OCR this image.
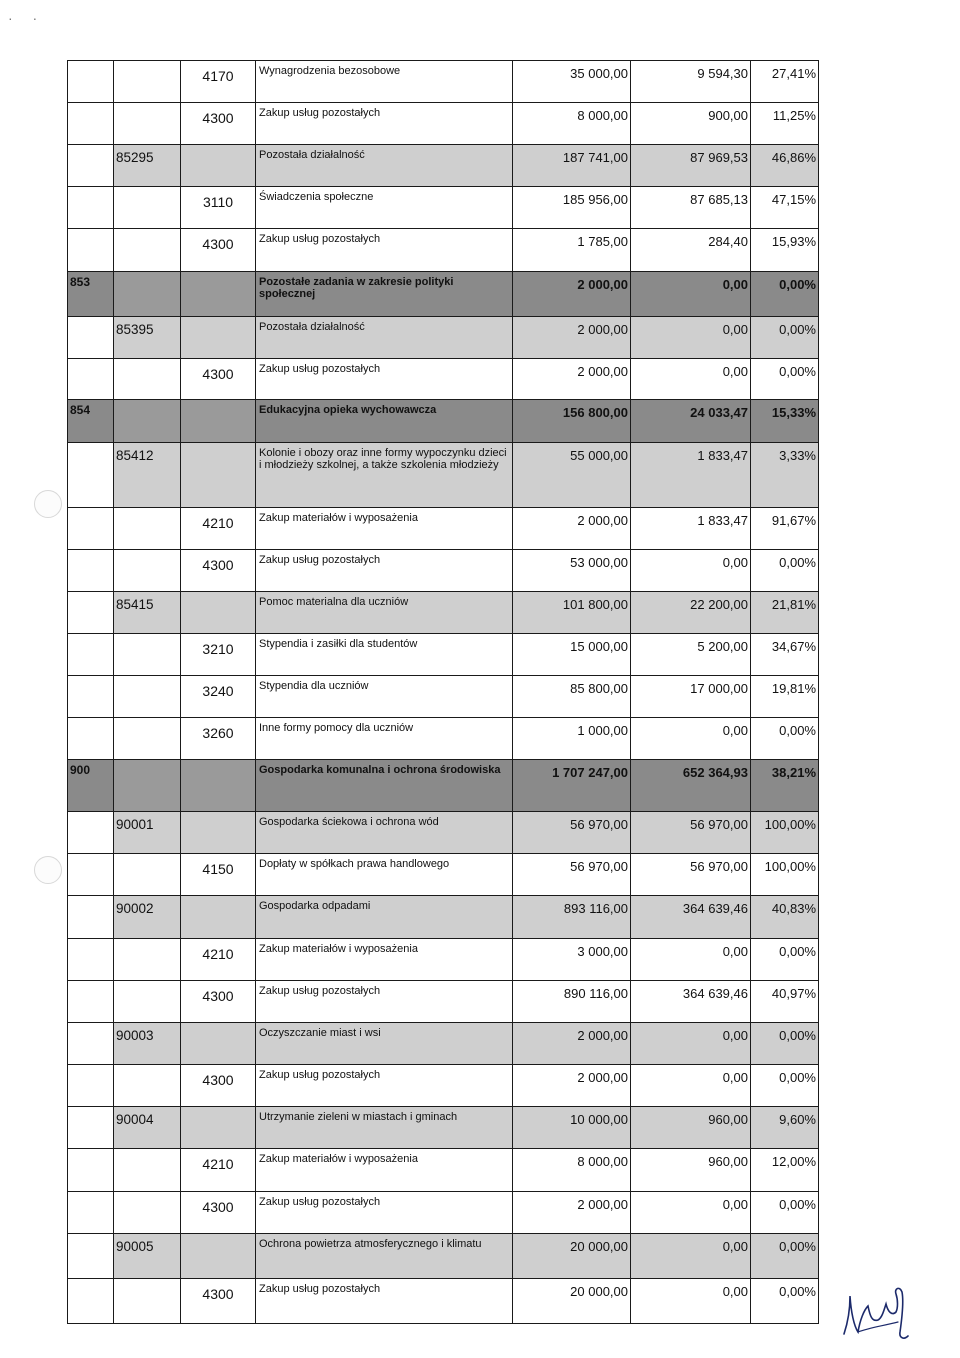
· ·
		4170	Wynagrodzenia bezosobowe	35 000,00	9 594,30	27,41%
		4300	Zakup usług pozostałych	8 000,00	900,00	11,25%
	85295		Pozostała działalność	187 741,00	87 969,53	46,86%
		3110	Świadczenia społeczne	185 956,00	87 685,13	47,15%
		4300	Zakup usług pozostałych	1 785,00	284,40	15,93%
853			Pozostałe zadania w zakresie polityki społecznej	2 000,00	0,00	0,00%
	85395		Pozostała działalność	2 000,00	0,00	0,00%
		4300	Zakup usług pozostałych	2 000,00	0,00	0,00%
854			Edukacyjna opieka wychowawcza	156 800,00	24 033,47	15,33%
	85412		Kolonie i obozy oraz inne formy wypoczynku dzieci i młodzieży szkolnej, a także szkolenia młodzieży	55 000,00	1 833,47	3,33%
		4210	Zakup materiałów i wyposażenia	2 000,00	1 833,47	91,67%
		4300	Zakup usług pozostałych	53 000,00	0,00	0,00%
	85415		Pomoc materialna dla uczniów	101 800,00	22 200,00	21,81%
		3210	Stypendia i zasiłki dla studentów	15 000,00	5 200,00	34,67%
		3240	Stypendia dla uczniów	85 800,00	17 000,00	19,81%
		3260	Inne formy pomocy dla uczniów	1 000,00	0,00	0,00%
900			Gospodarka komunalna i ochrona środowiska	1 707 247,00	652 364,93	38,21%
	90001		Gospodarka ściekowa i ochrona wód	56 970,00	56 970,00	100,00%
		4150	Dopłaty w spółkach prawa handlowego	56 970,00	56 970,00	100,00%
	90002		Gospodarka odpadami	893 116,00	364 639,46	40,83%
		4210	Zakup materiałów i wyposażenia	3 000,00	0,00	0,00%
		4300	Zakup usług pozostałych	890 116,00	364 639,46	40,97%
	90003		Oczyszczanie miast i wsi	2 000,00	0,00	0,00%
		4300	Zakup usług pozostałych	2 000,00	0,00	0,00%
	90004		Utrzymanie zieleni w miastach i gminach	10 000,00	960,00	9,60%
		4210	Zakup materiałów i wyposażenia	8 000,00	960,00	12,00%
		4300	Zakup usług pozostałych	2 000,00	0,00	0,00%
	90005		Ochrona powietrza atmosferycznego i klimatu	20 000,00	0,00	0,00%
		4300	Zakup usług pozostałych	20 000,00	0,00	0,00%
